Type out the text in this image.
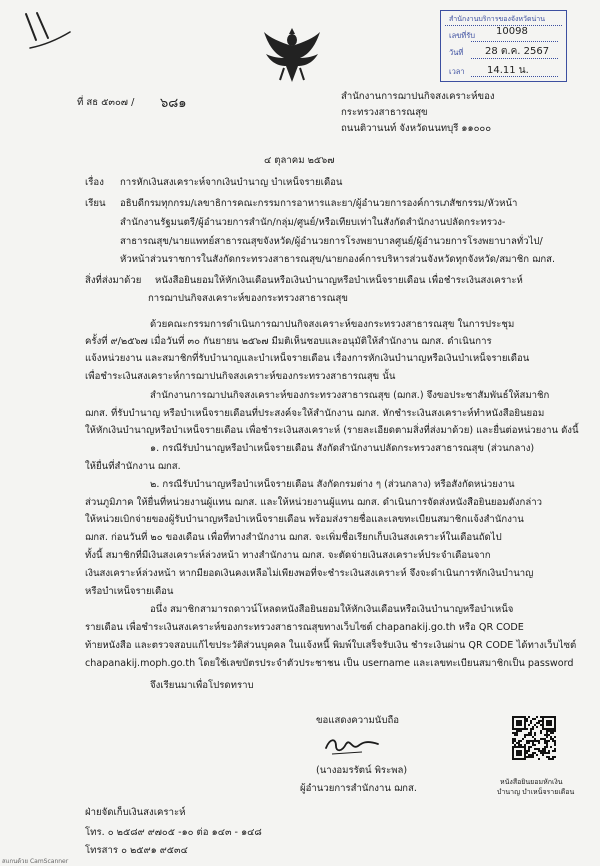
สำนักงานบริการของจังหวัดน่าน
เลขที่รับ 10098
วันที่ 28 ต.ค. 2567
เวลา 14.11 น.
ที่ สธ ๕๓๐๗ / ๖๘๑	สำนักงานการฌาปนกิจสงเคราะห์ของ
กระทรวงสาธารณสุข
ถนนติวานนท์ จังหวัดนนทบุรี ๑๑๐๐๐
๔ ตุลาคม ๒๕๖๗
เรื่อง การหักเงินสงเคราะห์จากเงินบำนาญ บำเหน็จรายเดือน
เรียน อธิบดีกรมทุกกรม/เลขาธิการคณะกรรมการอาหารและยา/ผู้อำนวยการองค์การเภสัชกรรม/หัวหน้า
สำนักงานรัฐมนตรี/ผู้อำนวยการสำนัก/กลุ่ม/ศูนย์/หรือเทียบเท่าในสังกัดสำนักงานปลัดกระทรวง-
สาธารณสุข/นายแพทย์สาธารณสุขจังหวัด/ผู้อำนวยการโรงพยาบาลศูนย์/ผู้อำนวยการโรงพยาบาลทั่วไป/
หัวหน้าส่วนราชการในสังกัดกระทรวงสาธารณสุข/นายกองค์การบริหารส่วนจังหวัดทุกจังหวัด/สมาชิก ฌกส.
สิ่งที่ส่งมาด้วย หนังสือยินยอมให้หักเงินเดือนหรือเงินบำนาญหรือบำเหน็จรายเดือน เพื่อชำระเงินสงเคราะห์
การฌาปนกิจสงเคราะห์ของกระทรวงสาธารณสุข
ด้วยคณะกรรมการดำเนินการฌาปนกิจสงเคราะห์ของกระทรวงสาธารณสุข ในการประชุม
ครั้งที่ ๙/๒๕๖๗ เมื่อวันที่ ๓๐ กันยายน ๒๕๖๗ มีมติเห็นชอบและอนุมัติให้สำนักงาน ฌกส. ดำเนินการ
แจ้งหน่วยงาน และสมาชิกที่รับบำนาญและบำเหน็จรายเดือน เรื่องการหักเงินบำนาญหรือเงินบำเหน็จรายเดือน
เพื่อชำระเงินสงเคราะห์การฌาปนกิจสงเคราะห์ของกระทรวงสาธารณสุข นั้น
สำนักงานการฌาปนกิจสงเคราะห์ของกระทรวงสาธารณสุข (ฌกส.) จึงขอประชาสัมพันธ์ให้สมาชิก
ฌกส. ที่รับบำนาญ หรือบำเหน็จรายเดือนที่ประสงค์จะให้สำนักงาน ฌกส. หักชำระเงินสงเคราะห์ทำหนังสือยินยอม
ให้หักเงินบำนาญหรือบำเหน็จรายเดือน เพื่อชำระเงินสงเคราะห์ (รายละเอียดตามสิ่งที่ส่งมาด้วย) และยื่นต่อหน่วยงาน ดังนี้
๑. กรณีรับบำนาญหรือบำเหน็จรายเดือน สังกัดสำนักงานปลัดกระทรวงสาธารณสุข (ส่วนกลาง)
ให้ยื่นที่สำนักงาน ฌกส.
๒. กรณีรับบำนาญหรือบำเหน็จรายเดือน สังกัดกรมต่าง ๆ (ส่วนกลาง) หรือสังกัดหน่วยงาน
ส่วนภูมิภาค ให้ยื่นที่หน่วยงานผู้แทน ฌกส. และให้หน่วยงานผู้แทน ฌกส. ดำเนินการจัดส่งหนังสือยินยอมดังกล่าว
ให้หน่วยเบิกจ่ายของผู้รับบำนาญหรือบำเหน็จรายเดือน พร้อมส่งรายชื่อและเลขทะเบียนสมาชิกแจ้งสำนักงาน
ฌกส. ก่อนวันที่ ๒๐ ของเดือน เพื่อที่ทางสำนักงาน ฌกส. จะเพิ่มชื่อเรียกเก็บเงินสงเคราะห์ในเดือนถัดไป
ทั้งนี้ สมาชิกที่มีเงินสงเคราะห์ล่วงหน้า ทางสำนักงาน ฌกส. จะตัดจ่ายเงินสงเคราะห์ประจำเดือนจาก
เงินสงเคราะห์ล่วงหน้า หากมียอดเงินคงเหลือไม่เพียงพอที่จะชำระเงินสงเคราะห์ จึงจะดำเนินการหักเงินบำนาญ
หรือบำเหน็จรายเดือน
อนึ่ง สมาชิกสามารถดาวน์โหลดหนังสือยินยอมให้หักเงินเดือนหรือเงินบำนาญหรือบำเหน็จ
รายเดือน เพื่อชำระเงินสงเคราะห์ของกระทรวงสาธารณสุขทางเว็บไซต์ chapanakij.go.th หรือ QR CODE
ท้ายหนังสือ และตรวจสอบแก้ไขประวัติส่วนบุคคล ในแจ้งหนี้ พิมพ์ใบเสร็จรับเงิน ชำระเงินผ่าน QR CODE ได้ทางเว็บไซต์
chapanakij.moph.go.th โดยใช้เลขบัตรประจำตัวประชาชน เป็น username และเลขทะเบียนสมาชิกเป็น password
จึงเรียนมาเพื่อโปรดทราบ
ขอแสดงความนับถือ
(นางอมรรัตน์ พิระพล)
ผู้อำนวยการสำนักงาน ฌกส.
ฝ่ายจัดเก็บเงินสงเคราะห์
โทร. ๐ ๒๕๘๙ ๙๗๐๕ -๑๐ ต่อ ๑๔๓ - ๑๔๘
โทรสาร ๐ ๒๕๙๑ ๙๕๓๔
หนังสือยินยอมหักเงิน
บำนาญ บำเหน็จรายเดือน
สแกนด้วย CamScanner
